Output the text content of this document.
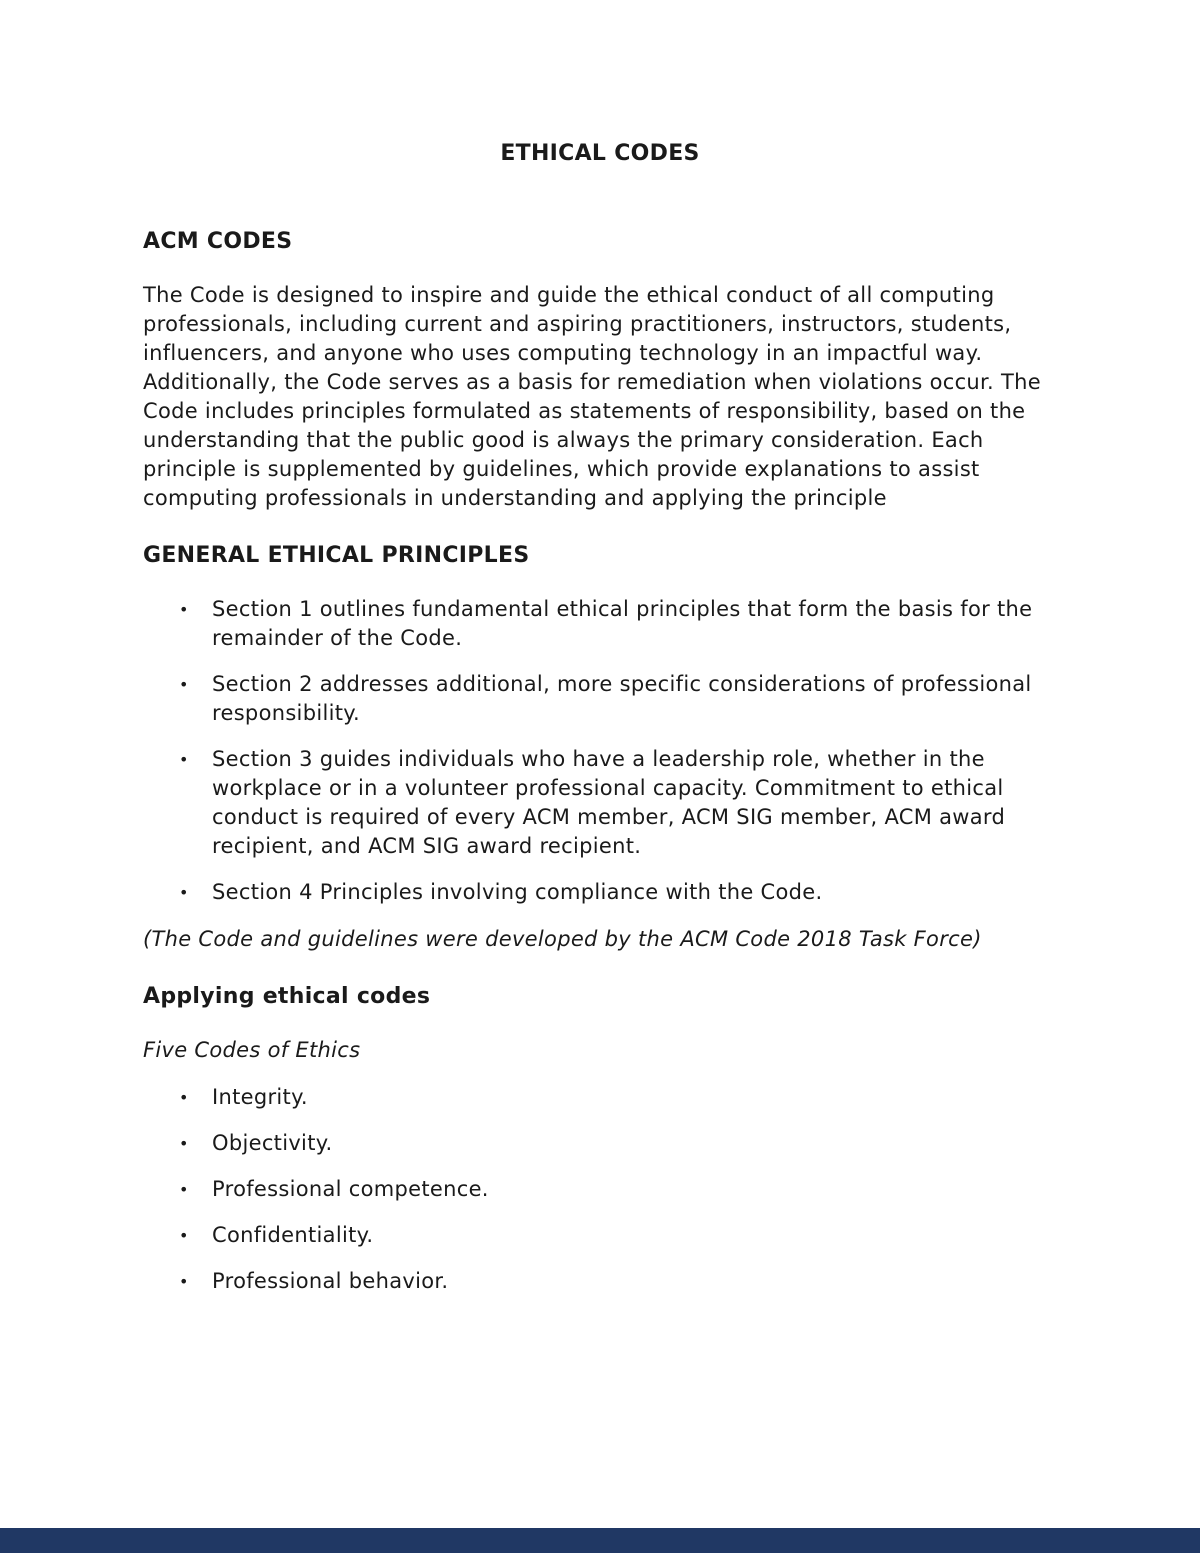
ETHICAL CODES
ACM CODES

The Code is designed to inspire and guide the ethical conduct of all computing professionals, including current and aspiring practitioners, instructors, students, influencers, and anyone who uses computing technology in an impactful way. Additionally, the Code serves as a basis for remediation when violations occur. The Code includes principles formulated as statements of responsibility, based on the understanding that the public good is always the primary consideration. Each principle is supplemented by guidelines, which provide explanations to assist computing professionals in understanding and applying the principle

GENERAL ETHICAL PRINCIPLES
• Section 1 outlines fundamental ethical principles that form the basis for the remainder of the Code.
• Section 2 addresses additional, more specific considerations of professional responsibility.
• Section 3 guides individuals who have a leadership role, whether in the workplace or in a volunteer professional capacity. Commitment to ethical conduct is required of every ACM member, ACM SIG member, ACM award recipient, and ACM SIG award recipient.
• Section 4 Principles involving compliance with the Code.

(The Code and guidelines were developed by the ACM Code 2018 Task Force)

Applying ethical codes

Five Codes of Ethics

• Integrity.
• Objectivity.
• Professional competence.
• Confidentiality.
• Professional behavior.
